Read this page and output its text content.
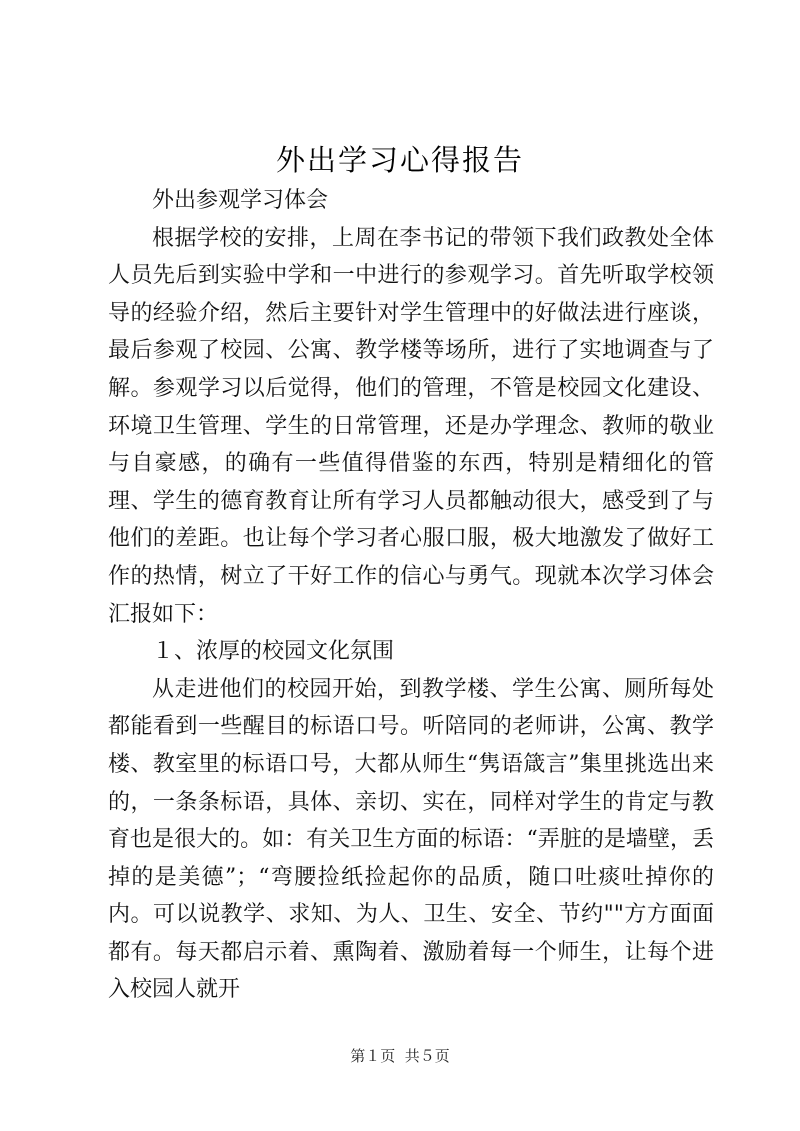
外出学习心得报告

外出参观学习体会

根据学校的安排，上周在李书记的带领下我们政教处全体人员先后到实验中学和一中进行的参观学习。首先听取学校领导的经验介绍，然后主要针对学生管理中的好做法进行座谈，最后参观了校园、公寓、教学楼等场所，进行了实地调查与了解。参观学习以后觉得，他们的管理，不管是校园文化建设、环境卫生管理、学生的日常管理，还是办学理念、教师的敬业与自豪感，的确有一些值得借鉴的东西，特别是精细化的管理、学生的德育教育让所有学习人员都触动很大，感受到了与他们的差距。也让每个学习者心服口服，极大地激发了做好工作的热情，树立了干好工作的信心与勇气。现就本次学习体会汇报如下：

１、浓厚的校园文化氛围

从走进他们的校园开始，到教学楼、学生公寓、厕所每处都能看到一些醒目的标语口号。听陪同的老师讲，公寓、教学楼、教室里的标语口号，大都从师生“隽语箴言”集里挑选出来的，一条条标语，具体、亲切、实在，同样对学生的肯定与教育也是很大的。如：有关卫生方面的标语：“弄脏的是墙壁，丢掉的是美德”；“弯腰捡纸捡起你的品质，随口吐痰吐掉你的内。可以说教学、求知、为人、卫生、安全、节约""方方面面都有。每天都启示着、熏陶着、激励着每一个师生，让每个进入校园人就开

第１页  共５页
